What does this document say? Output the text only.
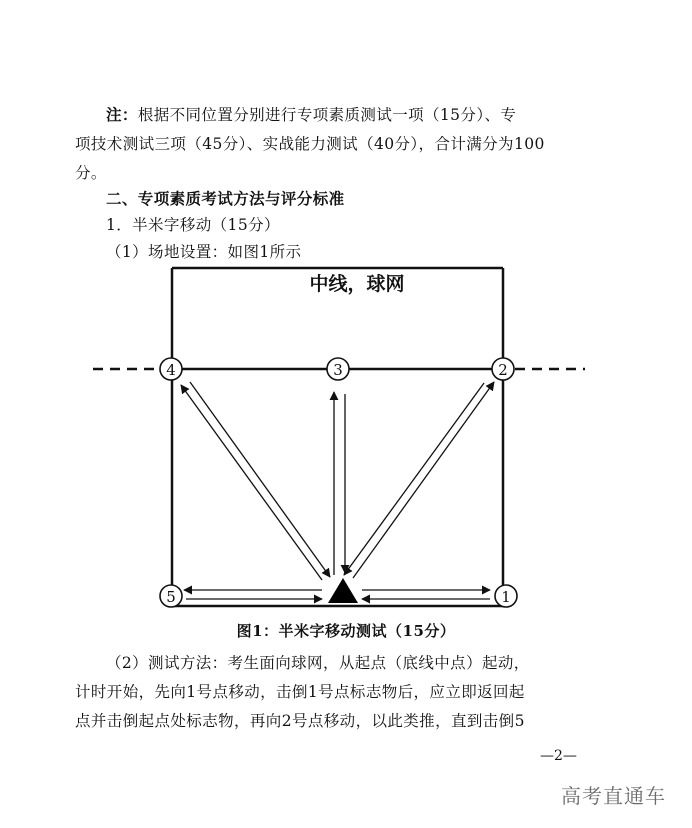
注：根据不同位置分别进行专项素质测试一项（15分）、专
项技术测试三项（45分）、实战能力测试（40分），合计满分为100
分。
二、专项素质考试方法与评分标准
1．半米字移动（15分）
（1）场地设置：如图1所示
4	3	2
5	1
中线，球网
图1：半米字移动测试（15分）
（2）测试方法：考生面向球网，从起点（底线中点）起动，
计时开始，先向1号点移动，击倒1号点标志物后，应立即返回起
点并击倒起点处标志物，再向2号点移动，以此类推，直到击倒5
—2—
高考直通车
